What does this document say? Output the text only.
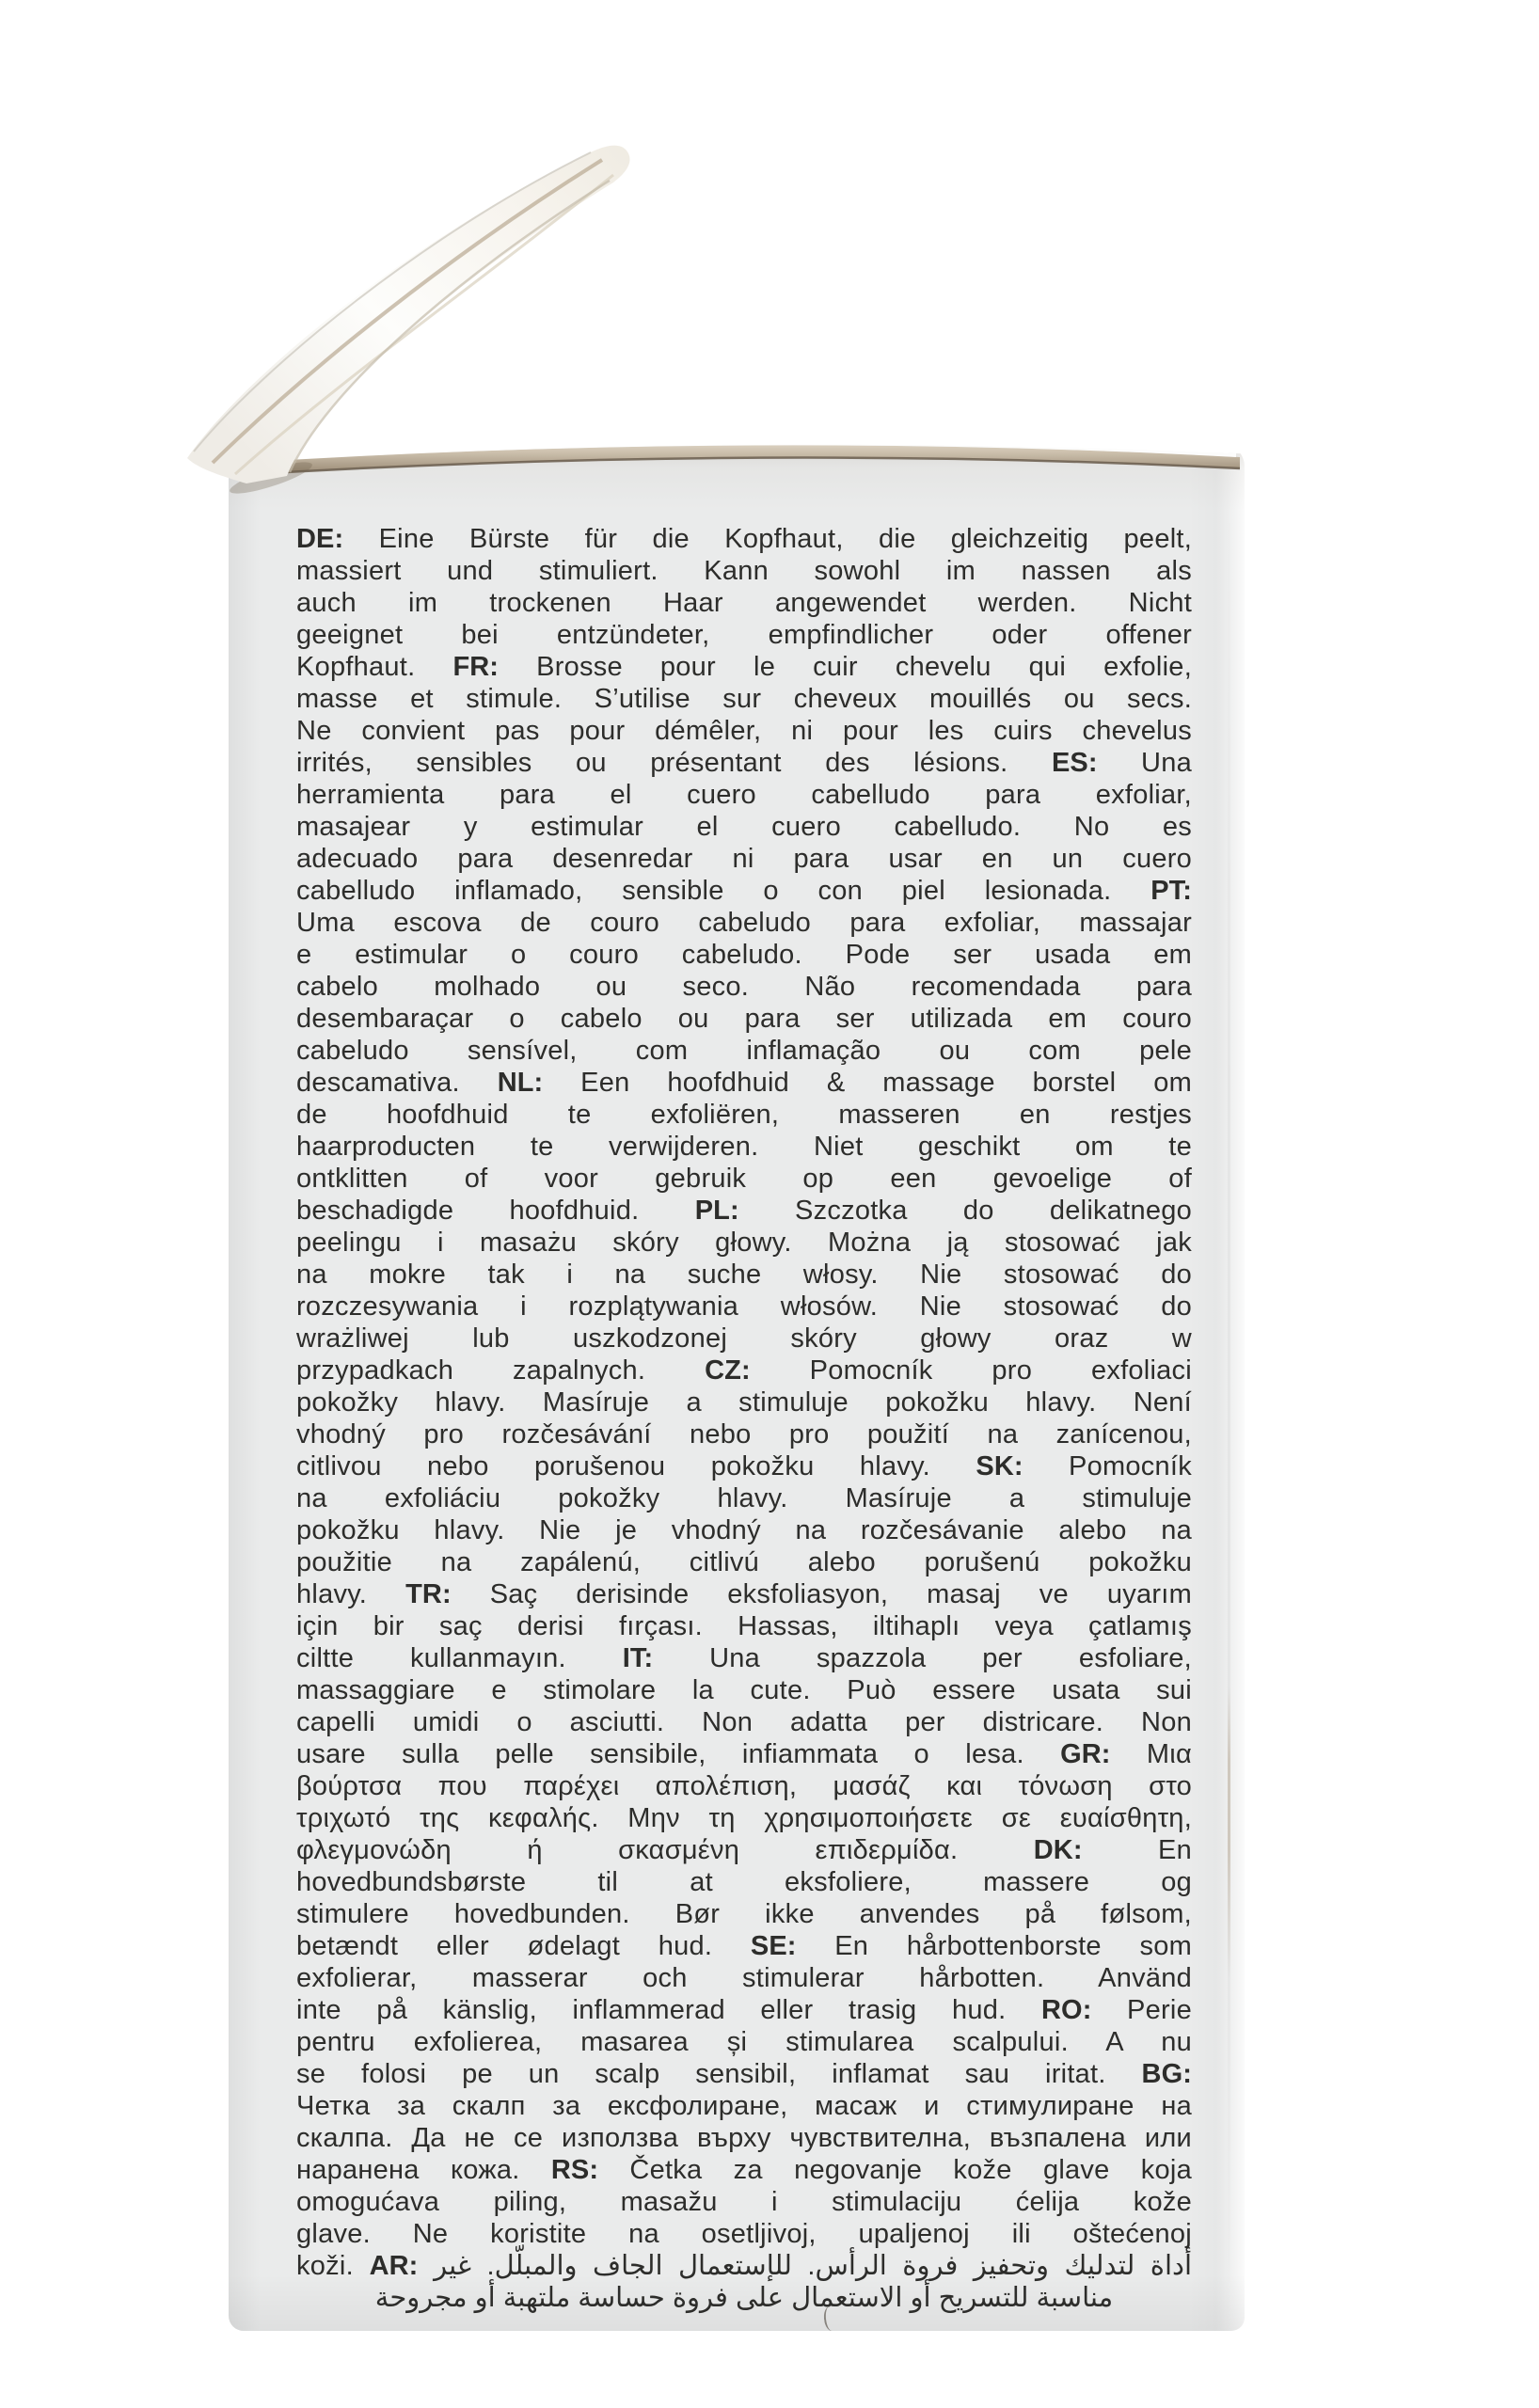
DE: Eine Bürste für die Kopfhaut, die gleichzeitig peelt,
massiert und stimuliert. Kann sowohl im nassen als
auch im trockenen Haar angewendet werden. Nicht
geeignet bei entzündeter, empfindlicher oder offener
Kopfhaut. FR: Brosse pour le cuir chevelu qui exfolie,
masse et stimule. S’utilise sur cheveux mouillés ou secs.
Ne convient pas pour démêler, ni pour les cuirs chevelus
irrités, sensibles ou présentant des lésions. ES: Una
herramienta para el cuero cabelludo para exfoliar,
masajear y estimular el cuero cabelludo. No es
adecuado para desenredar ni para usar en un cuero
cabelludo inflamado, sensible o con piel lesionada. PT:
Uma escova de couro cabeludo para exfoliar, massajar
e estimular o couro cabeludo. Pode ser usada em
cabelo molhado ou seco. Não recomendada para
desembaraçar o cabelo ou para ser utilizada em couro
cabeludo sensível, com inflamação ou com pele
descamativa. NL: Een hoofdhuid & massage borstel om
de hoofdhuid te exfoliëren, masseren en restjes
haarproducten te verwijderen. Niet geschikt om te
ontklitten of voor gebruik op een gevoelige of
beschadigde hoofdhuid. PL: Szczotka do delikatnego
peelingu i masażu skóry głowy. Można ją stosować jak
na mokre tak i na suche włosy. Nie stosować do
rozczesywania i rozplątywania włosów. Nie stosować do
wrażliwej lub uszkodzonej skóry głowy oraz w
przypadkach zapalnych. CZ: Pomocník pro exfoliaci
pokožky hlavy. Masíruje a stimuluje pokožku hlavy. Není
vhodný pro rozčesávání nebo pro použití na zanícenou,
citlivou nebo porušenou pokožku hlavy. SK: Pomocník
na exfoliáciu pokožky hlavy. Masíruje a stimuluje
pokožku hlavy. Nie je vhodný na rozčesávanie alebo na
použitie na zapálenú, citlivú alebo porušenú pokožku
hlavy. TR: Saç derisinde eksfoliasyon, masaj ve uyarım
için bir saç derisi fırçası. Hassas, iltihaplı veya çatlamış
ciltte kullanmayın. IT: Una spazzola per esfoliare,
massaggiare e stimolare la cute. Può essere usata sui
capelli umidi o asciutti. Non adatta per districare. Non
usare sulla pelle sensibile, infiammata o lesa. GR: Μια
βούρτσα που παρέχει απολέπιση, μασάζ και τόνωση στο
τριχωτό της κεφαλής. Μην τη χρησιμοποιήσετε σε ευαίσθητη,
φλεγμονώδη ή σκασμένη επιδερμίδα. DK: En
hovedbundsbørste til at eksfoliere, massere og
stimulere hovedbunden. Bør ikke anvendes på følsom,
betændt eller ødelagt hud. SE: En hårbottenborste som
exfolierar, masserar och stimulerar hårbotten. Använd
inte på känslig, inflammerad eller trasig hud. RO: Perie
pentru exfolierea, masarea și stimularea scalpului. A nu
se folosi pe un scalp sensibil, inflamat sau iritat. BG:
Четка за скалп за ексфолиране, масаж и стимулиране на
скалпа. Да не се използва върху чувствителна, възпалена или
наранена кожа. RS: Četka za negovanje kože glave koja
omogućava piling, masažu i stimulaciju ćelija kože
glave. Ne koristite na osetljivoj, upaljenoj ili oštećenoj
koži. AR: أداة لتدليك وتحفيز فروة الرأس. للإستعمال الجاف والمبلّل. غير
مناسبة للتسريح أو الاستعمال على فروة حساسة ملتهبة أو مجروحة
